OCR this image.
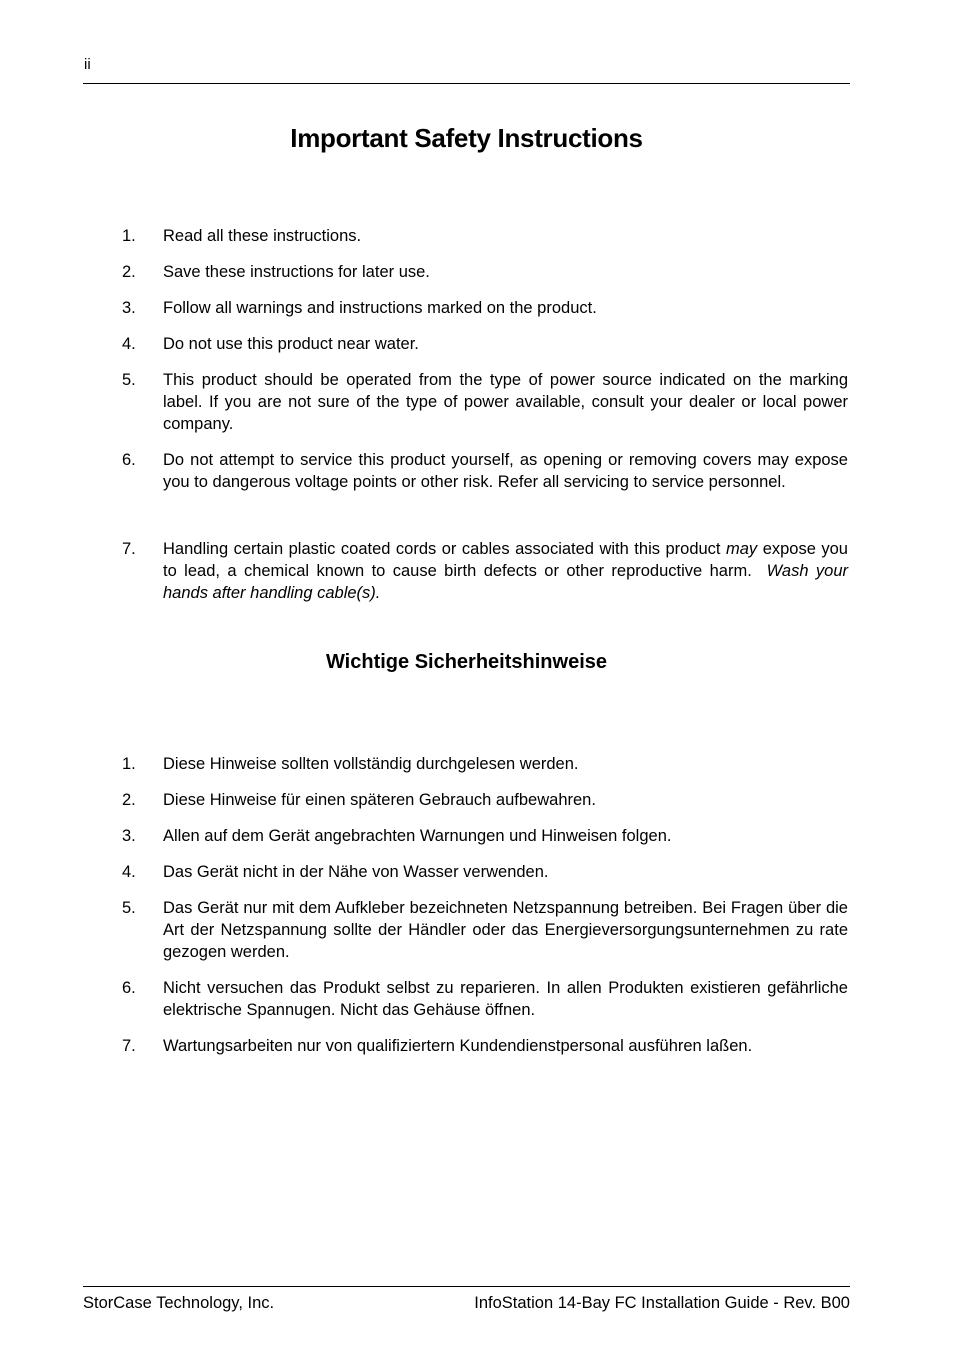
ii
Important Safety Instructions
1. Read all these instructions.
2. Save these instructions for later use.
3. Follow all warnings and instructions marked on the product.
4. Do not use this product near water.
5. This product should be operated from the type of power source indicated on the marking label. If you are not sure of the type of power available, consult your dealer or local power company.
6. Do not attempt to service this product yourself, as opening or removing covers may expose you to dangerous voltage points or other risk. Refer all servicing to service personnel.
7. Handling certain plastic coated cords or cables associated with this product may expose you to lead, a chemical known to cause birth defects or other reproductive harm. Wash your hands after handling cable(s).
Wichtige Sicherheitshinweise
1. Diese Hinweise sollten vollständig durchgelesen werden.
2. Diese Hinweise für einen späteren Gebrauch aufbewahren.
3. Allen auf dem Gerät angebrachten Warnungen und Hinweisen folgen.
4. Das Gerät nicht in der Nähe von Wasser verwenden.
5. Das Gerät nur mit dem Aufkleber bezeichneten Netzspannung betreiben. Bei Fragen über die Art der Netzspannung sollte der Händler oder das Energieversorgungsunternehmen zu rate gezogen werden.
6. Nicht versuchen das Produkt selbst zu reparieren. In allen Produkten existieren gefährliche elektrische Spannugen. Nicht das Gehäuse öffnen.
7. Wartungsarbeiten nur von qualifiziertern Kundendienstpersonal ausführen laßen.
StorCase Technology, Inc.	InfoStation 14-Bay FC Installation Guide - Rev. B00
